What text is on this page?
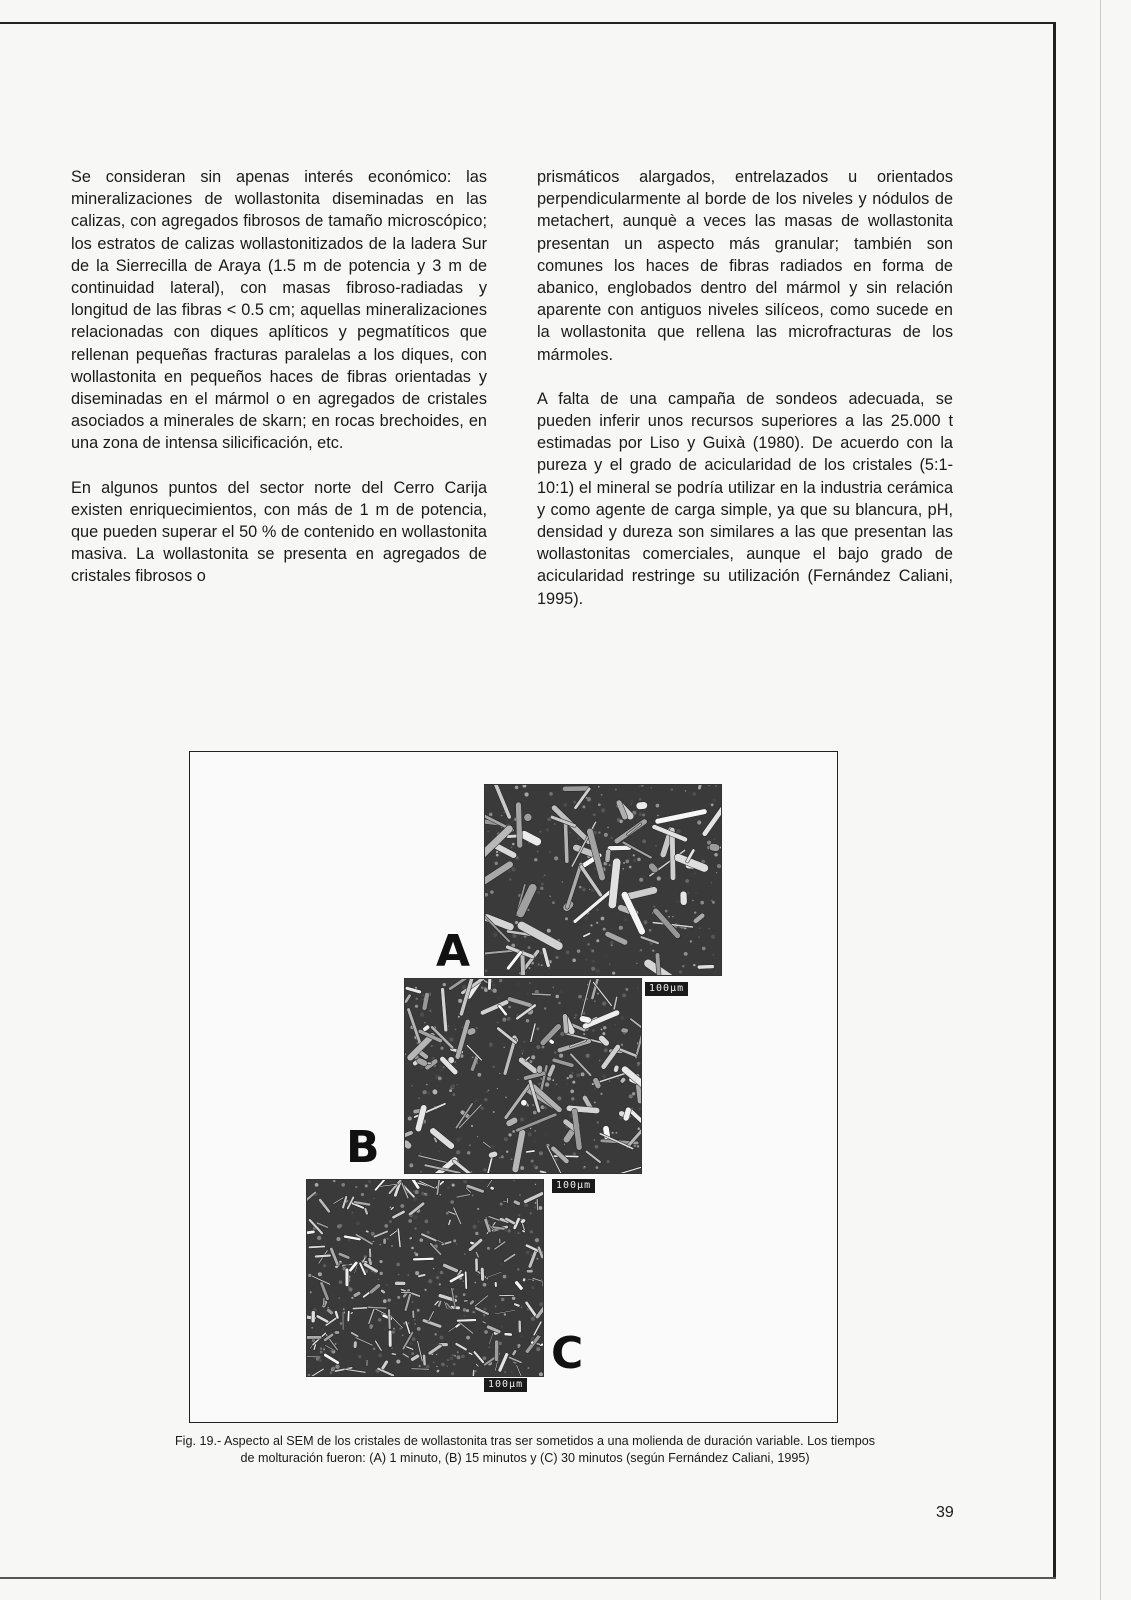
Se consideran sin apenas interés económico: las mineralizaciones de wollastonita diseminadas en las calizas, con agregados fibrosos de tamaño microscópico; los estratos de calizas wollastonitizados de la ladera Sur de la Sierrecilla de Araya (1.5 m de potencia y 3 m de continuidad lateral), con masas fibroso-radiadas y longitud de las fibras < 0.5 cm; aquellas mineralizaciones relacionadas con diques aplíticos y pegmatíticos que rellenan pequeñas fracturas paralelas a los diques, con wollastonita en pequeños haces de fibras orientadas y diseminadas en el mármol o en agregados de cristales asociados a minerales de skarn; en rocas brechoides, en una zona de intensa silicificación, etc.

En algunos puntos del sector norte del Cerro Carija existen enriquecimientos, con más de 1 m de potencia, que pueden superar el 50 % de contenido en wollastonita masiva. La wollastonita se presenta en agregados de cristales fibrosos o

prismáticos alargados, entrelazados u orientados perpendicularmente al borde de los niveles y nódulos de metachert, aunquè a veces las masas de wollastonita presentan un aspecto más granular; también son comunes los haces de fibras radiados en forma de abanico, englobados dentro del mármol y sin relación aparente con antiguos niveles silíceos, como sucede en la wollastonita que rellena las microfracturas de los mármoles.

A falta de una campaña de sondeos adecuada, se pueden inferir unos recursos superiores a las 25.000 t estimadas por Liso y Guixà (1980). De acuerdo con la pureza y el grado de acicularidad de los cristales (5:1-10:1) el mineral se podría utilizar en la industria cerámica y como agente de carga simple, ya que su blancura, pH, densidad y dureza son similares a las que presentan las wollastonitas comerciales, aunque el bajo grado de acicularidad restringe su utilización (Fernández Caliani, 1995).

100µm
100µm
100µm
A
B
C
Fig. 19.- Aspecto al SEM de los cristales de wollastonita tras ser sometidos a una molienda de duración variable. Los tiempos
de molturación fueron: (A) 1 minuto, (B) 15 minutos y (C) 30 minutos (según Fernández Caliani, 1995)
39
